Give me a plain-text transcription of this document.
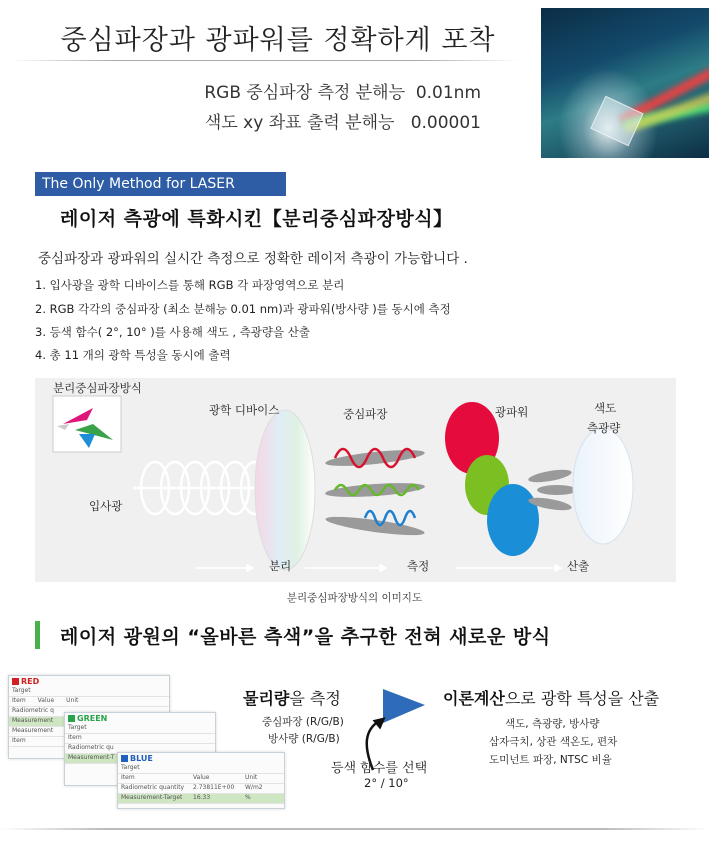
중심파장과 광파워를 정확하게 포착
RGB 중심파장 측정 분해능 0.01nm
색도 xy 좌표 출력 분해능 0.00001
The Only Method for LASER
레이저 측광에 특화시킨【분리중심파장방식】
중심파장과 광파워의 실시간 측정으로 정확한 레이저 측광이 가능합니다 .
1. 입사광을 광학 디바이스를 통해 RGB 각 파장영역으로 분리
2. RGB 각각의 중심파장 (최소 분해능 0.01 nm)과 광파워(방사량 )를 동시에 측정
3. 등색 함수( 2°, 10° )를 사용해 색도 , 측광량을 산출
4. 총 11 개의 광학 특성을 동시에 출력
분리중심파장방식
광학 디바이스	중심파장	광파워	색도
측광량
입사광
분리	측정	산출
분리중심파장방식의 이미지도
레이저 광원의 “올바른 측색”을 추구한 전혀 새로운 방식
RED
Target
Item Value Unit
Radiometric q
Measurement
Measurement
Item
GREEN
Target
Item
Radiometric qu
Measurement-T BLUE
Target
Item	Value	Unit
Radiometric quantity 2.73811E+00 W/m2
Measurement-Target 16.33	%
물리량을 측정
중심파장 (R/G/B)
방사량 (R/G/B)
등색 함수를 선택
2° / 10°
이론계산으로 광학 특성을 산출
색도, 측광량, 방사량
삼자극치, 상관 색온도, 편차
도미넌트 파장, NTSC 비율
